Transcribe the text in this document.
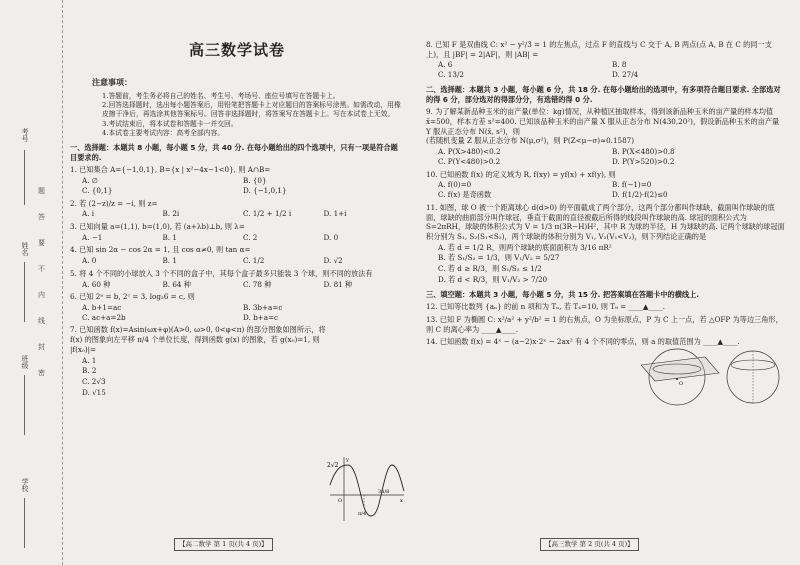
考号
姓名
班级
学校
题
答
要
不
内
线
封
密
高三数学试卷
注意事项：

1.答题前，考生务必将自己的姓名、考生号、考场号、座位号填写在答题卡上。

2.回答选择题时，选出每小题答案后，用铅笔把答题卡上对应题目的答案标号涂黑。如需改动，用橡皮擦干净后，再选涂其他答案标号。回答非选择题时，将答案写在答题卡上。写在本试卷上无效。

3.考试结束后，将本试卷和答题卡一并交回。

4.本试卷主要考试内容：高考全部内容。

一、选择题：本题共 8 小题，每小题 5 分，共 40 分. 在每小题给出的四个选项中，只有一项是符合题目要求的.
1. 已知集合 A={−1,0,1}, B={x | x²−4x−1<0}, 则 A∩B=
A. ∅	B. {0}
C. {0,1}	D. {−1,0,1}
2. 若 (2−z)/z = −i, 则 z=
A. i	B. 2i	C. 1/2 + 1/2 i	D. 1+i
3. 已知向量 a=(1,1), b=(1,0), 若 (a+λb)⊥b, 则 λ=
A. −1	B. 1	C. 2	D. 0
4. 已知 sin 2α − cos 2α = 1, 且 cos α≠0, 则 tan α=
A. 0	B. 1	C. 1/2	D. √2
5. 将 4 个不同的小球放入 3 个不同的盒子中，其每个盒子最多只能装 3 个球，则不同的放法有
A. 60 种	B. 64 种	C. 78 种	D. 81 种
6. 已知 2ᵃ = b, 2ᶜ = 3, log₂6 = c, 则
A. b+1=ac	B. 3b+a=c
C. ac+a=2b	D. b+a=c
7. 已知函数 f(x)=Asin(ωx+φ)(A>0, ω>0, 0<φ<π) 的部分图象如图所示，将 f(x) 的图象向左平移 π/4 个单位长度，得到函数 g(x) 的图象，若 g(x₀)=1, 则 |f(x₀)|=
A. 1
B. 2
C. 2√3
D. √15
2√2
π/4
3π/8
O	x
y
【高二数学 第 1 页(共 4 页)】
8. 已知 F 是双曲线 C: x² − y²/3 = 1 的左焦点，过点 F 的直线与 C 交于 A, B 两点(点 A, B 在 C 的同一支上)，且 |BF| = 2|AF|，则 |AB| =
A. 6	B. 8
C. 13/2	D. 27/4
二、选择题：本题共 3 小题，每小题 6 分，共 18 分. 在每小题给出的选项中，有多项符合题目要求. 全部选对的得 6 分，部分选对的得部分分，有选错的得 0 分.
9. 为了解某新品种玉米的亩产量(单位：kg)情况，从种植区抽取样本，得到该新品种玉米的亩产量的样本均值 x̄=500，样本方差 s²=400. 已知该品种玉米的亩产量 X 服从正态分布 N(430,20²)，假设新品种玉米的亩产量 Y 服从正态分布 N(x̄, s²)，则
(若随机变量 Z 服从正态分布 N(μ,σ²)，则 P(Z<μ−σ)≈0.1587)
A. P(X>480)<0.2	B. P(X<480)>0.8
C. P(Y<480)>0.2	D. P(Y>520)>0.2
10. 已知函数 f(x) 的定义域为 R, f(xy) = yf(x) + xf(y), 则
A. f(0)=0	B. f(−1)=0
C. f(x) 是奇函数	D. f(1/2)·f(2)≤0
11. 如图，球 O 被一个距离球心 d(d>0) 的平面截成了两个部分，这两个部分都叫作球缺，截面叫作球缺的底面，球缺的曲面部分叫作球冠，垂直于截面的直径被截后所得的线段叫作球缺的高. 球冠的面积公式为 S=2πRH，球缺的体积公式为 V = 1/3 π(3R−H)H²，其中 R 为球的半径，H 为球缺的高. 记两个球缺的球冠面积分别为 S₁, S₂(S₁<S₂)，两个球缺的体积分别为 V₁, V₂(V₁<V₂)，则下列结论正确的是
A. 若 d = 1/2 R，则两个球缺的底面面积为 3/16 πR²
B. 若 S₁/S₂ = 1/3，则 V₁/V₂ = 5/27
C. 若 d ≥ R/3，则 S₁/S₂ ≤ 1/2
D. 若 d < R/3，则 V₁/V₂ > 7/20
O
三、填空题：本题共 3 小题，每小题 5 分，共 15 分. 把答案填在答题卡中的横线上.
12. 已知等比数列 {aₙ} 的前 n 项和为 Tₙ, 若 T₄=10, 则 T₈ = ____▲____.
13. 已知 F 为椭圆 C: x²/a² + y²/b² = 1 的右焦点，O 为坐标原点，P 为 C 上一点，若 △OFP 为等边三角形，则 C 的离心率为 ____▲____.
14. 已知函数 f(x) = 4ˣ − (a−2)x·2ˣ − 2ax² 有 4 个不同的零点，则 a 的取值范围为 ____▲____.
【高三数学 第 2 页(共 4 页)】
